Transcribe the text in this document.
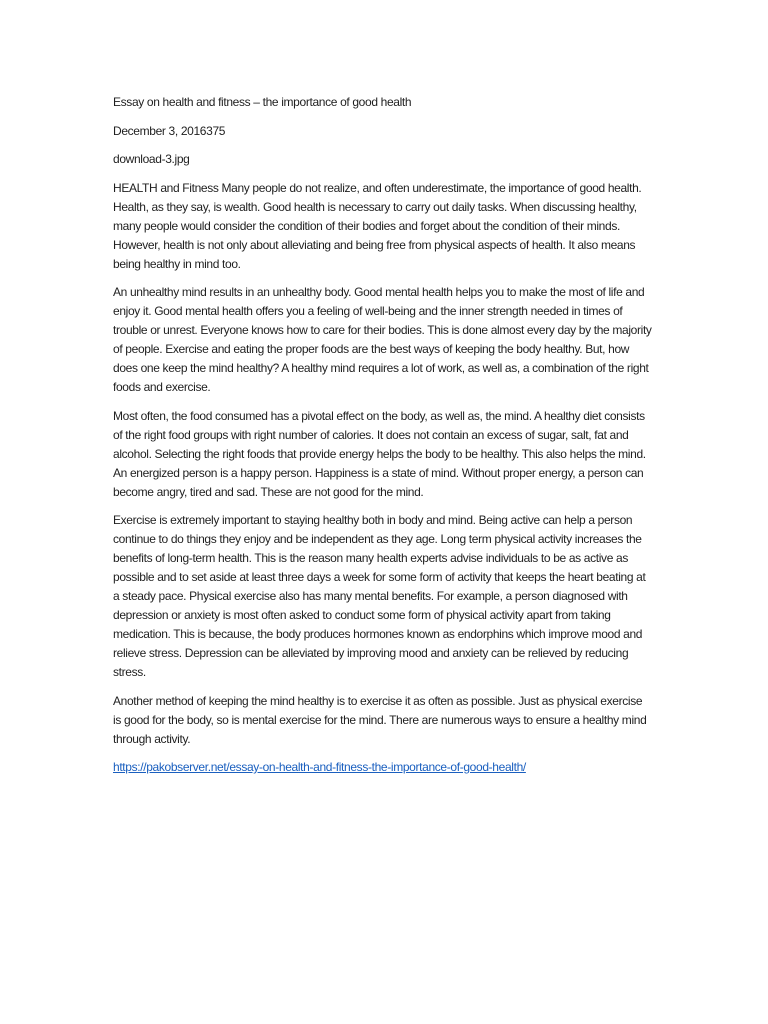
Essay on health and fitness – the importance of good health

December 3, 2016375

download-3.jpg

HEALTH and Fitness Many people do not realize, and often underestimate, the importance of good health. Health, as they say, is wealth. Good health is necessary to carry out daily tasks. When discussing healthy, many people would consider the condition of their bodies and forget about the condition of their minds. However, health is not only about alleviating and being free from physical aspects of health. It also means being healthy in mind too.

An unhealthy mind results in an unhealthy body. Good mental health helps you to make the most of life and enjoy it. Good mental health offers you a feeling of well-being and the inner strength needed in times of trouble or unrest. Everyone knows how to care for their bodies. This is done almost every day by the majority of people. Exercise and eating the proper foods are the best ways of keeping the body healthy. But, how does one keep the mind healthy? A healthy mind requires a lot of work, as well as, a combination of the right foods and exercise.

Most often, the food consumed has a pivotal effect on the body, as well as, the mind. A healthy diet consists of the right food groups with right number of calories. It does not contain an excess of sugar, salt, fat and alcohol. Selecting the right foods that provide energy helps the body to be healthy. This also helps the mind. An energized person is a happy person. Happiness is a state of mind. Without proper energy, a person can become angry, tired and sad. These are not good for the mind.

Exercise is extremely important to staying healthy both in body and mind. Being active can help a person continue to do things they enjoy and be independent as they age. Long term physical activity increases the benefits of long-term health. This is the reason many health experts advise individuals to be as active as possible and to set aside at least three days a week for some form of activity that keeps the heart beating at a steady pace. Physical exercise also has many mental benefits. For example, a person diagnosed with depression or anxiety is most often asked to conduct some form of physical activity apart from taking medication. This is because, the body produces hormones known as endorphins which improve mood and relieve stress. Depression can be alleviated by improving mood and anxiety can be relieved by reducing stress.

Another method of keeping the mind healthy is to exercise it as often as possible. Just as physical exercise is good for the body, so is mental exercise for the mind. There are numerous ways to ensure a healthy mind through activity.

https://pakobserver.net/essay-on-health-and-fitness-the-importance-of-good-health/
